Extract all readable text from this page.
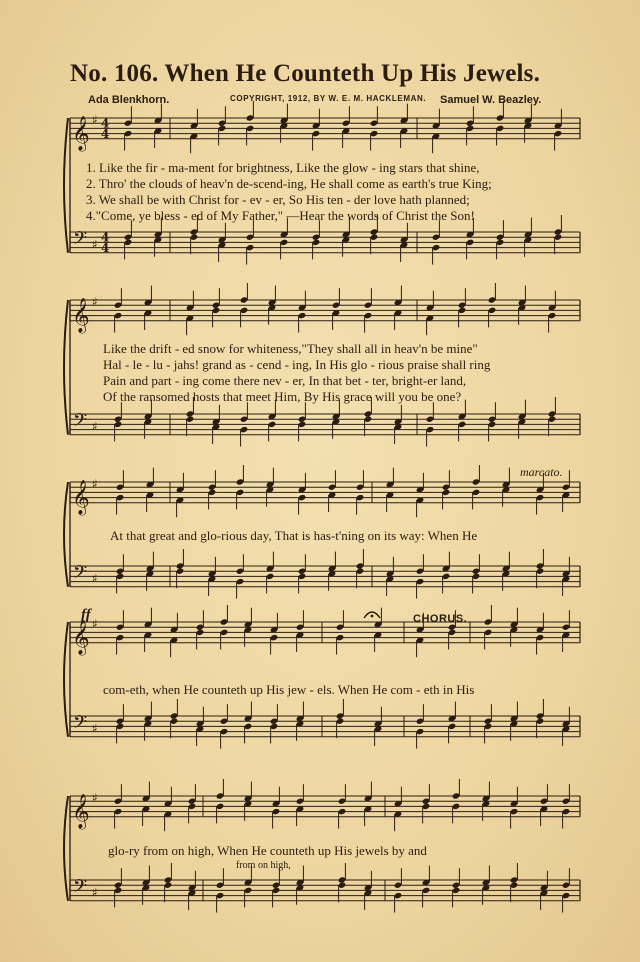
No. 106. When He Counteth Up His Jewels.
Ada Blenkhorn.	COPYRIGHT, 1912, BY W. E. M. HACKLEMAN. Samuel W. Beazley.
𝄞 ♯ 4
4
𝄢 ♯
4
4
𝄞 ♯
𝄢 ♯
𝄞 ♯
𝄢 ♯
𝄞 ♯
𝄢 ♯
𝄞 ♯
𝄢 ♯
1. Like the fir - ma-ment for brightness, Like the glow - ing stars that shine,
2. Thro' the clouds of heav'n de-scend-ing, He shall come as earth's true King;
3. We shall be with Christ for - ev - er, So His ten - der love hath planned;
4."Come, ye bless - ed of My Father," —Hear the words of Christ the Son!
Like the drift - ed snow for whiteness,"They shall all in heav'n be mine"
Hal - le - lu - jahs! grand as - cend - ing, In His glo - rious praise shall ring
Pain and part - ing come there nev - er, In that bet - ter, bright-er land,
Of the ransomed hosts that meet Him, By His grace will you be one?
marcato.
At that great and glo-rious day, That is has-t'ning on its way: When He
ff	CHORUS.
com-eth, when He counteth up His jew - els. When He com - eth in His
glo-ry from on high, When He counteth up His jewels by and
from on high,
